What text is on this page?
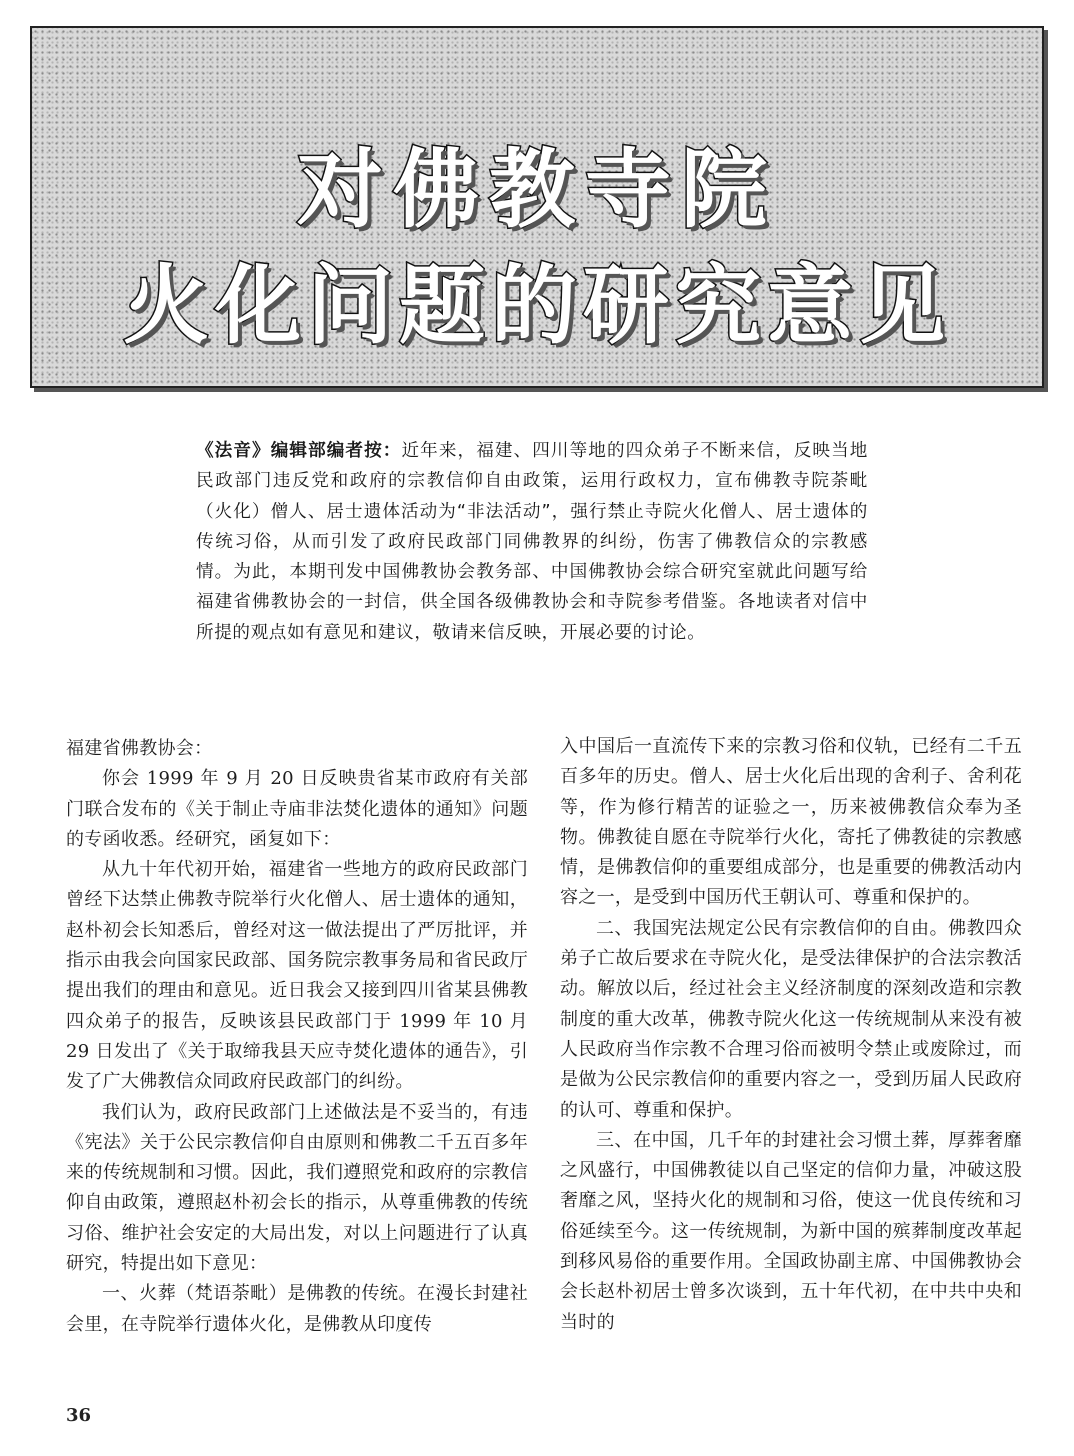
对佛教寺院
火化问题的研究意见
《法音》编辑部编者按：近年来，福建、四川等地的四众弟子不断来信，反映当地民政部门违反党和政府的宗教信仰自由政策，运用行政权力，宣布佛教寺院荼毗（火化）僧人、居士遗体活动为“非法活动”，强行禁止寺院火化僧人、居士遗体的传统习俗，从而引发了政府民政部门同佛教界的纠纷，伤害了佛教信众的宗教感情。为此，本期刊发中国佛教协会教务部、中国佛教协会综合研究室就此问题写给福建省佛教协会的一封信，供全国各级佛教协会和寺院参考借鉴。各地读者对信中所提的观点如有意见和建议，敬请来信反映，开展必要的讨论。

福建省佛教协会：

你会 1999 年 9 月 20 日反映贵省某市政府有关部门联合发布的《关于制止寺庙非法焚化遗体的通知》问题的专函收悉。经研究，函复如下：

从九十年代初开始，福建省一些地方的政府民政部门曾经下达禁止佛教寺院举行火化僧人、居士遗体的通知，赵朴初会长知悉后，曾经对这一做法提出了严厉批评，并指示由我会向国家民政部、国务院宗教事务局和省民政厅提出我们的理由和意见。近日我会又接到四川省某县佛教四众弟子的报告，反映该县民政部门于 1999 年 10 月 29 日发出了《关于取缔我县天应寺焚化遗体的通告》，引发了广大佛教信众同政府民政部门的纠纷。

我们认为，政府民政部门上述做法是不妥当的，有违《宪法》关于公民宗教信仰自由原则和佛教二千五百多年来的传统规制和习惯。因此，我们遵照党和政府的宗教信仰自由政策，遵照赵朴初会长的指示，从尊重佛教的传统习俗、维护社会安定的大局出发，对以上问题进行了认真研究，特提出如下意见：

一、火葬（梵语荼毗）是佛教的传统。在漫长封建社会里，在寺院举行遗体火化，是佛教从印度传

入中国后一直流传下来的宗教习俗和仪轨，已经有二千五百多年的历史。僧人、居士火化后出现的舍利子、舍利花等，作为修行精苦的证验之一，历来被佛教信众奉为圣物。佛教徒自愿在寺院举行火化，寄托了佛教徒的宗教感情，是佛教信仰的重要组成部分，也是重要的佛教活动内容之一，是受到中国历代王朝认可、尊重和保护的。

二、我国宪法规定公民有宗教信仰的自由。佛教四众弟子亡故后要求在寺院火化，是受法律保护的合法宗教活动。解放以后，经过社会主义经济制度的深刻改造和宗教制度的重大改革，佛教寺院火化这一传统规制从来没有被人民政府当作宗教不合理习俗而被明令禁止或废除过，而是做为公民宗教信仰的重要内容之一，受到历届人民政府的认可、尊重和保护。

三、在中国，几千年的封建社会习惯土葬，厚葬奢靡之风盛行，中国佛教徒以自己坚定的信仰力量，冲破这股奢靡之风，坚持火化的规制和习俗，使这一优良传统和习俗延续至今。这一传统规制，为新中国的殡葬制度改革起到移风易俗的重要作用。全国政协副主席、中国佛教协会会长赵朴初居士曾多次谈到，五十年代初，在中共中央和当时的

36
